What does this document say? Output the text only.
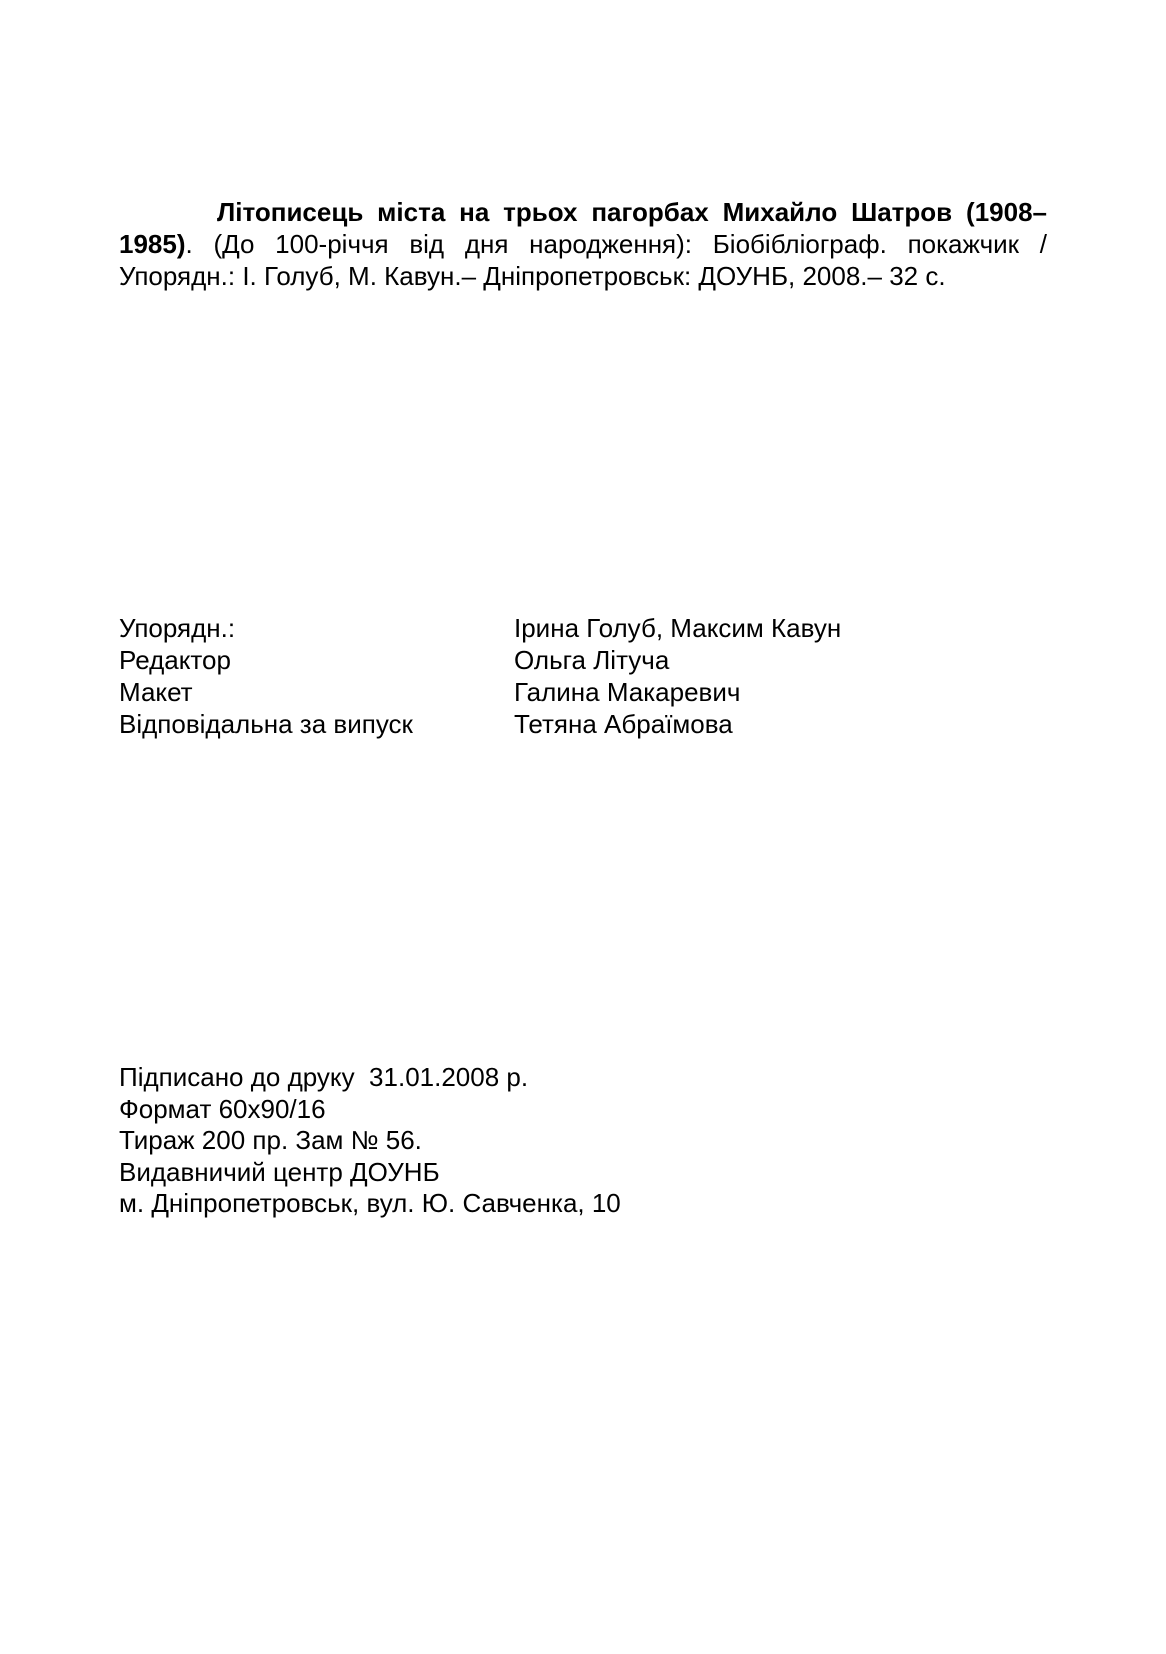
Літописець міста на трьох пагорбах Михайло Шатров (1908–1985). (До 100-річчя від дня народження): Біобібліограф. покажчик / Упорядн.: І. Голуб, М. Кавун.– Дніпропетровськ: ДОУНБ, 2008.– 32 с.

Упорядн.:	Ірина Голуб, Максим Кавун
Редактор	Ольга Літуча
Макет	Галина Макаревич
Відповідальна за випуск	Тетяна Абраїмова
Підписано до друку  31.01.2008 р.
Формат 60x90/16
Тираж 200 пр. Зам № 56.
Видавничий центр ДОУНБ
м. Дніпропетровськ, вул. Ю. Савченка, 10
